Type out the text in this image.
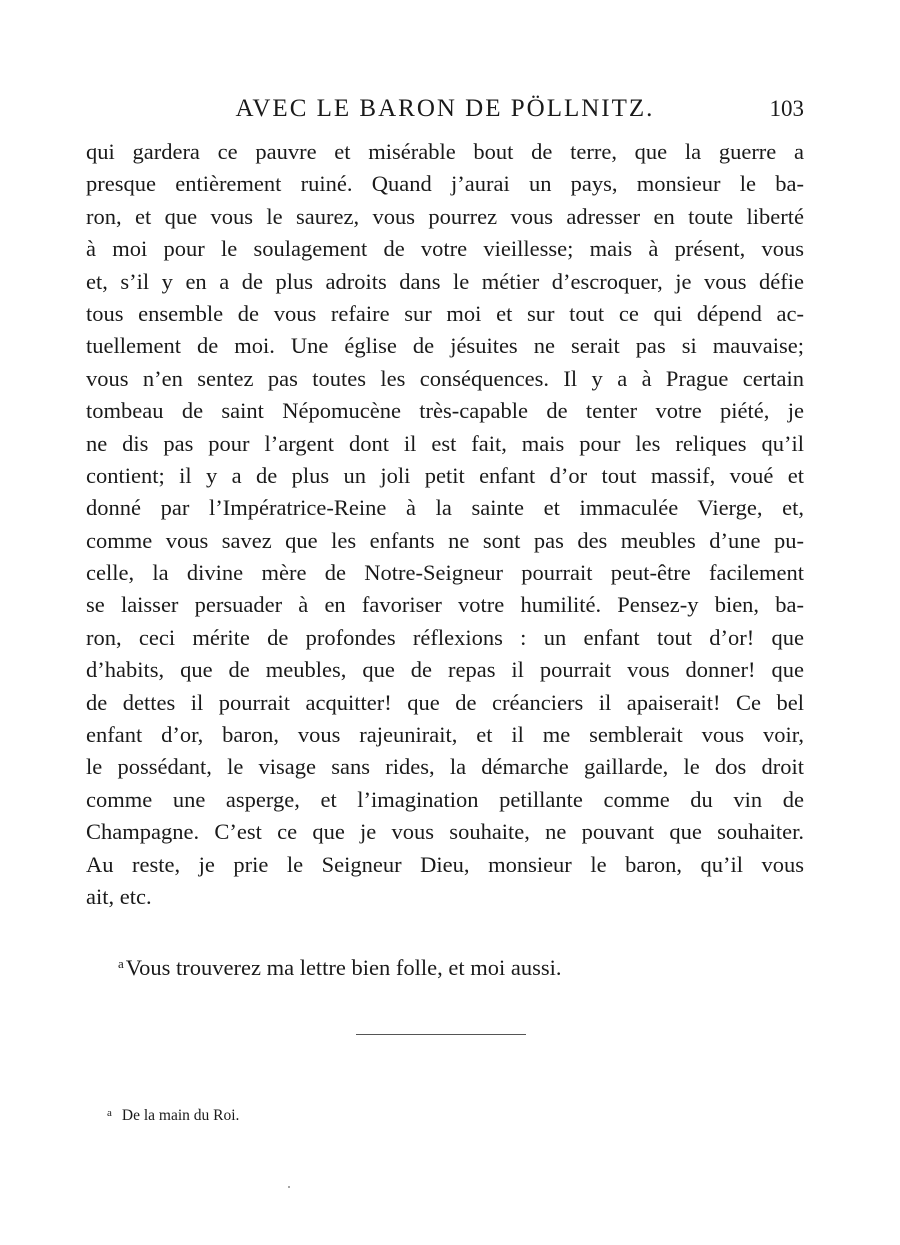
AVEC LE BARON DE PÖLLNITZ.	103
qui gardera ce pauvre et misérable bout de terre, que la guerre a
presque entièrement ruiné. Quand j’aurai un pays, monsieur le ba-
ron, et que vous le saurez, vous pourrez vous adresser en toute liberté
à moi pour le soulagement de votre vieillesse; mais à présent, vous
et, s’il y en a de plus adroits dans le métier d’escroquer, je vous défie
tous ensemble de vous refaire sur moi et sur tout ce qui dépend ac-
tuellement de moi. Une église de jésuites ne serait pas si mauvaise;
vous n’en sentez pas toutes les conséquences. Il y a à Prague certain
tombeau de saint Népomucène très-capable de tenter votre piété, je
ne dis pas pour l’argent dont il est fait, mais pour les reliques qu’il
contient; il y a de plus un joli petit enfant d’or tout massif, voué et
donné par l’Impératrice-Reine à la sainte et immaculée Vierge, et,
comme vous savez que les enfants ne sont pas des meubles d’une pu-
celle, la divine mère de Notre-Seigneur pourrait peut-être facilement
se laisser persuader à en favoriser votre humilité. Pensez-y bien, ba-
ron, ceci mérite de profondes réflexions : un enfant tout d’or! que
d’habits, que de meubles, que de repas il pourrait vous donner! que
de dettes il pourrait acquitter! que de créanciers il apaiserait! Ce bel
enfant d’or, baron, vous rajeunirait, et il me semblerait vous voir,
le possédant, le visage sans rides, la démarche gaillarde, le dos droit
comme une asperge, et l’imagination petillante comme du vin de
Champagne. C’est ce que je vous souhaite, ne pouvant que souhaiter.
Au reste, je prie le Seigneur Dieu, monsieur le baron, qu’il vous
ait, etc.
$^a$Vous trouverez ma lettre bien folle, et moi aussi.
$^a$ De la main du Roi.
